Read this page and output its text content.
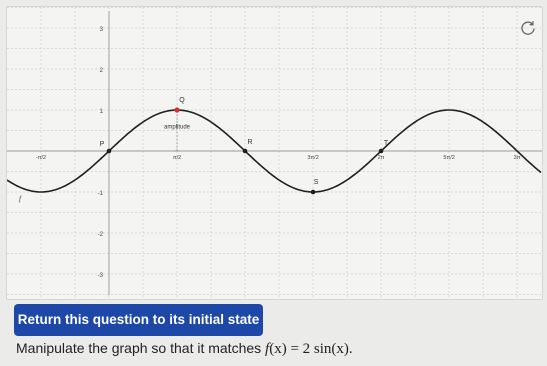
3
2
1
-1
-2
-3
-π/2	π/2	3π/2	2π	5π/2	3π
amplitude
f
P
Q
R
S
T
Return this question to its initial state
Manipulate the graph so that it matches f(x) = 2 sin(x).
